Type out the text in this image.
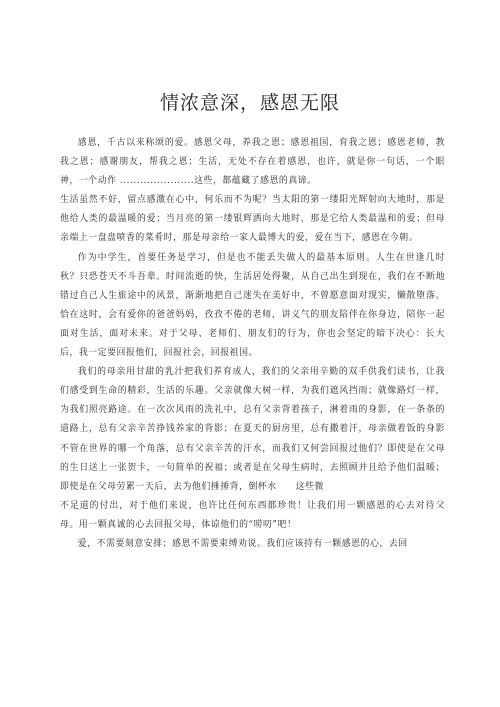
情浓意深，感恩无限

感恩，千古以来称颂的爱。感恩父母，养我之恩；感恩祖国，育我之恩；感恩老师，教我之恩；感谢朋友，帮我之恩；生活，无处不存在着感恩，也许，就是你一句话，一个眼神，一个动作 ......................这些，都蕴藏了感恩的真谛。

生活虽然不好，留点感激在心中，何乐而不为呢？当太阳的第一缕阳光辉射向大地时，那是他给人类的最温暖的爱；当月亮的第一缕银辉洒向大地时，那是它给人类最温和的爱；但母亲端上一盘盘喷香的菜肴时，那是母亲给一家人最博大的爱，爱在当下，感恩在今朝。

作为中学生，首要任务是学习，但是也不能丢失做人的最基本原则。人生在世逢几时秋？只恐苍天不斗吾辈。时间流逝的快，生活居处得聚，从自己出生到现在，我们在不断地错过自己人生旅途中的风景，渐渐地把自己迷失在美好中，不曾愿意面对现实，懒散堕落。恰在这时，会有爱你的爸爸妈妈，孜孜不倦的老师，讲义气的朋友陪伴在你身边，陪你一起面对生活，面对未来。对于父母、老师们、朋友们的行为，你也会坚定的暗下决心：长大后，我一定要回报他们，回报社会，回报祖国。

我们的母亲用甘甜的乳汁把我们养育成人，我们的父亲用辛勤的双手供我们读书，让我们感受到生命的精彩，生活的乐趣。父亲就像大树一样，为我们遮风挡雨；就像路灯一样，为我们照亮路途。在一次次风雨的洗礼中，总有父亲背着孩子，淋着雨的身影，在一条条的道路上，总有父亲辛苦挣钱养家的背影；在夏天的厨房里，总有撒着汗，母亲做着饭的身影不管在世界的哪一个角落，总有父亲辛苦的汗水，而我们又何尝回报过他们？即使是在父母的生日送上一张贺卡，一句简单的祝福；或者是在父母生病时，去照顾并且给予他们温暖；即使是在父母劳累一天后，去为他们捶捶背，倒杯水　　这些微

不足道的付出，对于他们来说，也许比任何东西都珍贵！让我们用一颗感恩的心去对待父母。用一颗真诚的心去回报父母，体谅他们的“唠叨”吧！

爱，不需要刻意安排；感恩不需要束缚劝说。我们应该持有一颗感恩的心，去回
